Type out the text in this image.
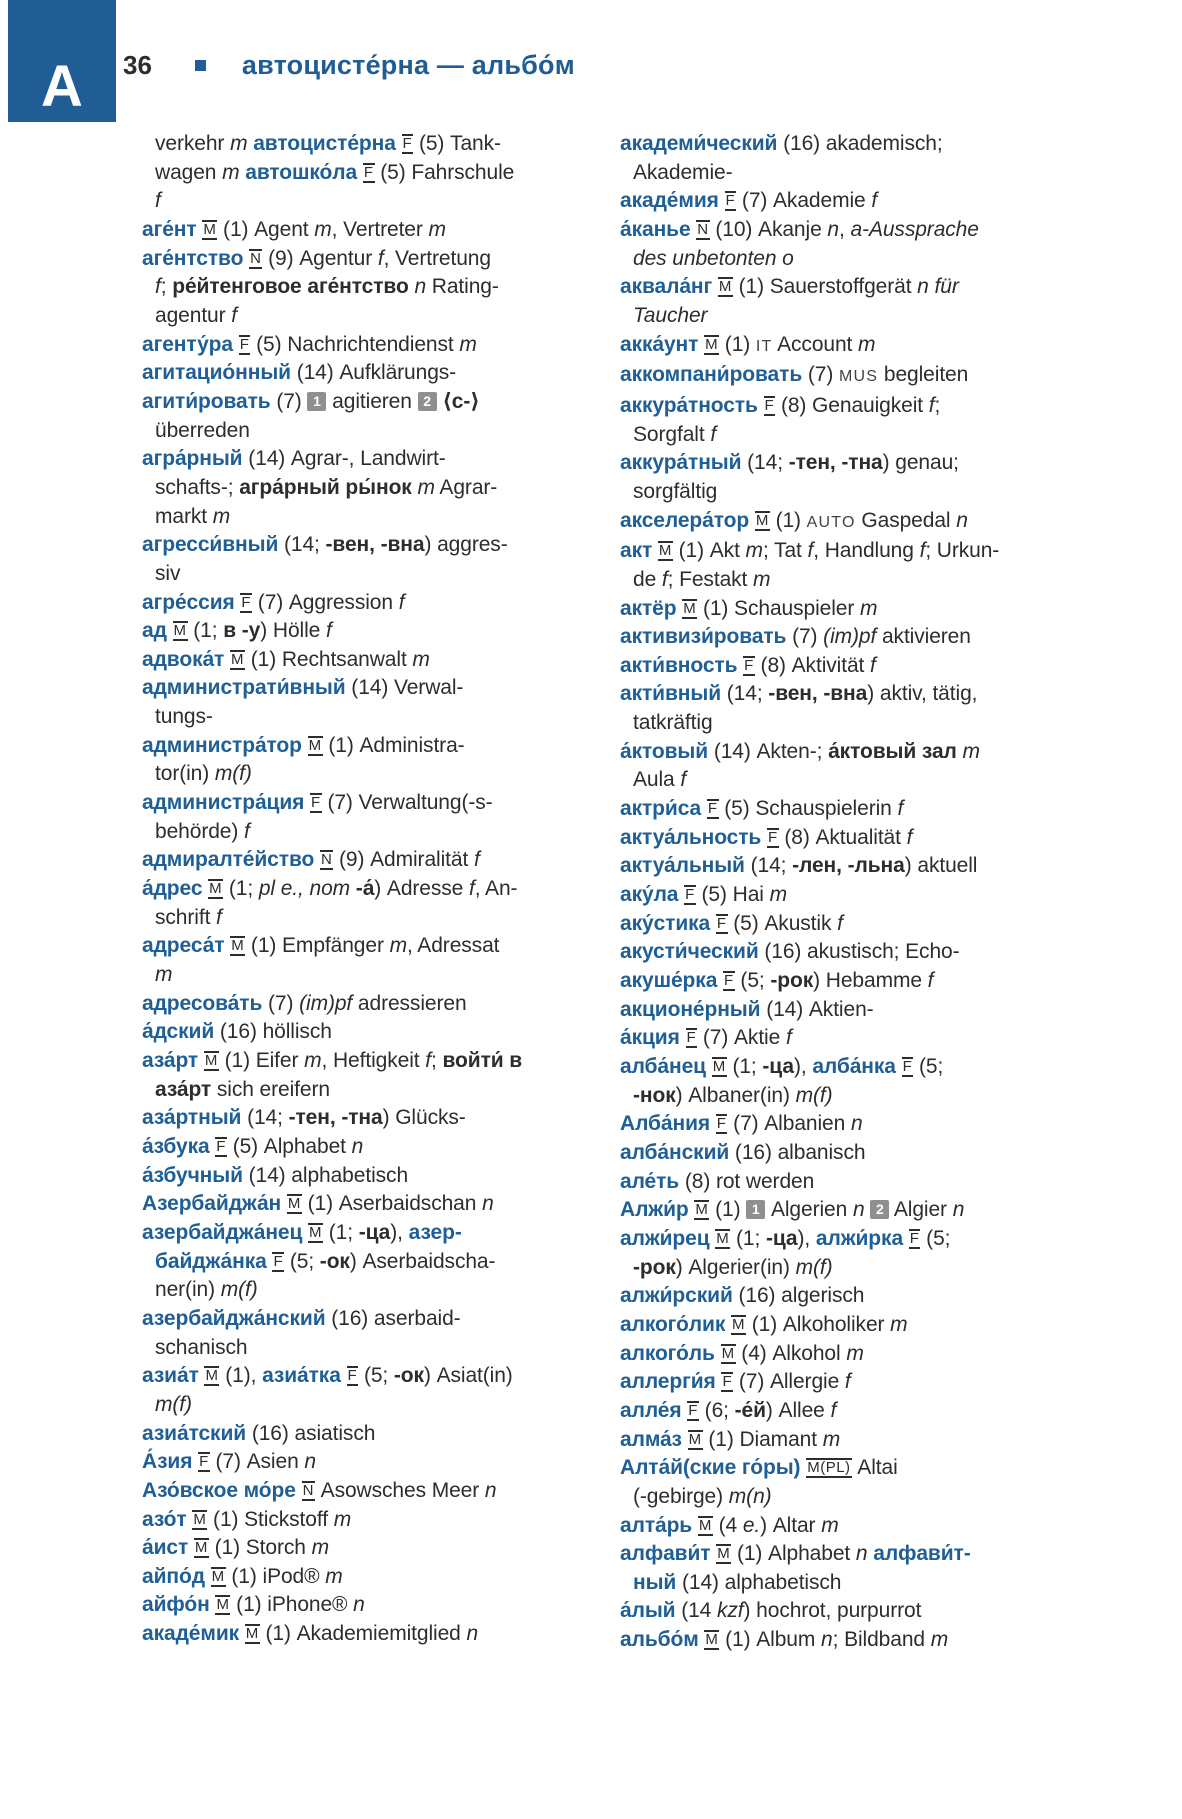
A 36	автоцисте́рна — альбо́м
verkehr m автоцисте́рна F (5) Tank-
wagen m автошко́ла F (5) Fahrschule
f
аге́нт M (1) Agent m, Vertreter m
аге́нтство N (9) Agentur f, Vertretung
f; ре́йтенговое аге́нтство n Rating-
agentur f
агенту́ра F (5) Nachrichtendienst m
агитацио́нный (14) Aufklärungs-
агити́ровать (7) 1 agitieren 2 ⟨с-⟩
überreden
агра́рный (14) Agrar-, Landwirt-
schafts-; агра́рный ры́нок m Agrar-
markt m
агресси́вный (14; -вен, -вна) aggres-
siv
агре́ссия F (7) Aggression f
ад M (1; в -у) Hölle f
адвока́т M (1) Rechtsanwalt m
администрати́вный (14) Verwal-
tungs-
администра́тор M (1) Administra-
tor(in) m(f)
администра́ция F (7) Verwaltung(-s-
behörde) f
адмиралте́йство N (9) Admiralität f
а́дрес M (1; pl e., nom -а́) Adresse f, An-
schrift f
адреса́т M (1) Empfänger m, Adressat
m
адресова́ть (7) (im)pf adressieren
а́дский (16) höllisch
аза́рт M (1) Eifer m, Heftigkeit f; войти́ в
аза́рт sich ereifern
аза́ртный (14; -тен, -тна) Glücks-
а́збука F (5) Alphabet n
а́збучный (14) alphabetisch
Азербайджа́н M (1) Aserbaidschan n
азербайджа́нец M (1; -ца), азер-
байджа́нка F (5; -ок) Aserbaidscha-
ner(in) m(f)
азербайджа́нский (16) aserbaid-
schanisch
азиа́т M (1), азиа́тка F (5; -ок) Asiat(in)
m(f)
азиа́тский (16) asiatisch
А́зия F (7) Asien n
Азо́вское мо́ре N Asowsches Meer n
азо́т M (1) Stickstoff m
а́ист M (1) Storch m
айпо́д M (1) iPod® m
айфо́н M (1) iPhone® n
акаде́мик M (1) Akademiemitglied n
академи́ческий (16) akademisch;
Akademie-
акаде́мия F (7) Akademie f
а́канье N (10) Akanje n, a-Aussprache
des unbetonten o
аквала́нг M (1) Sauerstoffgerät n für
Taucher
акка́унт M (1) IT Account m
аккомпани́ровать (7) MUS begleiten
аккура́тность F (8) Genauigkeit f;
Sorgfalt f
аккура́тный (14; -тен, -тна) genau;
sorgfältig
акселера́тор M (1) AUTO Gaspedal n
акт M (1) Akt m; Tat f, Handlung f; Urkun-
de f; Festakt m
актёр M (1) Schauspieler m
активизи́ровать (7) (im)pf aktivieren
акти́вность F (8) Aktivität f
акти́вный (14; -вен, -вна) aktiv, tätig,
tatkräftig
а́ктовый (14) Akten-; а́ктовый зал m
Aula f
актри́са F (5) Schauspielerin f
актуа́льность F (8) Aktualität f
актуа́льный (14; -лен, -льна) aktuell
аку́ла F (5) Hai m
аку́стика F (5) Akustik f
акусти́ческий (16) akustisch; Echo-
акуше́рка F (5; -рок) Hebamme f
акционе́рный (14) Aktien-
а́кция F (7) Aktie f
алба́нец M (1; -ца), алба́нка F (5;
-нок) Albaner(in) m(f)
Алба́ния F (7) Albanien n
алба́нский (16) albanisch
але́ть (8) rot werden
Алжи́р M (1) 1 Algerien n 2 Algier n
алжи́рец M (1; -ца), алжи́рка F (5;
-рок) Algerier(in) m(f)
алжи́рский (16) algerisch
алкого́лик M (1) Alkoholiker m
алкого́ль M (4) Alkohol m
аллерги́я F (7) Allergie f
алле́я F (6; -е́й) Allee f
алма́з M (1) Diamant m
Алта́й(ские го́ры) M(PL) Altai
(-gebirge) m(n)
алта́рь M (4 e.) Altar m
алфави́т M (1) Alphabet n алфави́т-
ный (14) alphabetisch
а́лый (14 kzf) hochrot, purpurrot
альбо́м M (1) Album n; Bildband m
